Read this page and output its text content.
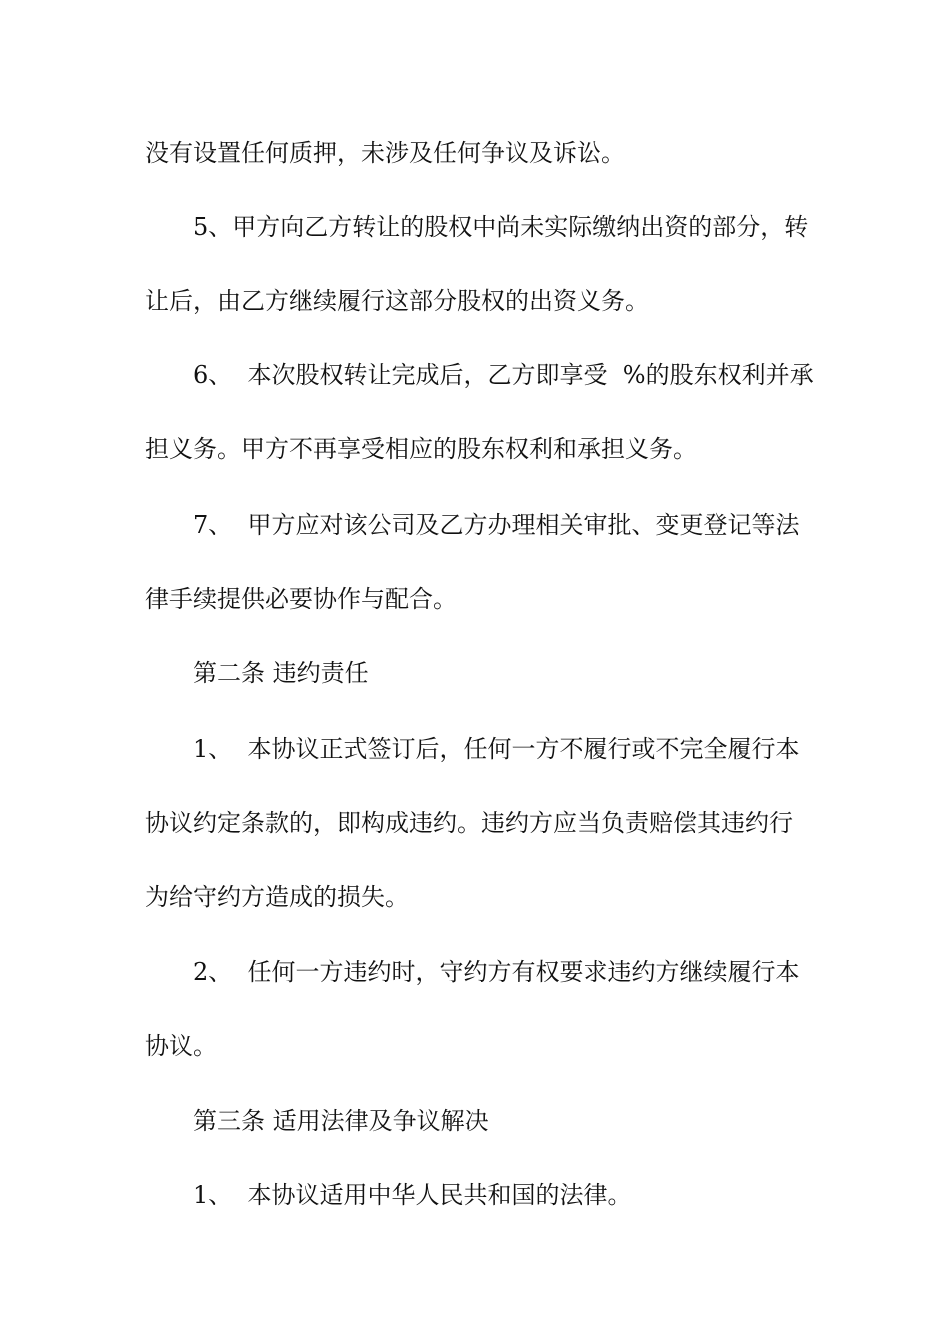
没有设置任何质押，未涉及任何争议及诉讼。

5、甲方向乙方转让的股权中尚未实际缴纳出资的部分，转

让后，由乙方继续履行这部分股权的出资义务。

6、  本次股权转让完成后，乙方即享受  %的股东权利并承

担义务。甲方不再享受相应的股东权利和承担义务。

7、  甲方应对该公司及乙方办理相关审批、变更登记等法

律手续提供必要协作与配合。

第二条 违约责任

1、  本协议正式签订后，任何一方不履行或不完全履行本

协议约定条款的，即构成违约。违约方应当负责赔偿其违约行

为给守约方造成的损失。

2、  任何一方违约时，守约方有权要求违约方继续履行本

协议。

第三条 适用法律及争议解决

1、  本协议适用中华人民共和国的法律。
